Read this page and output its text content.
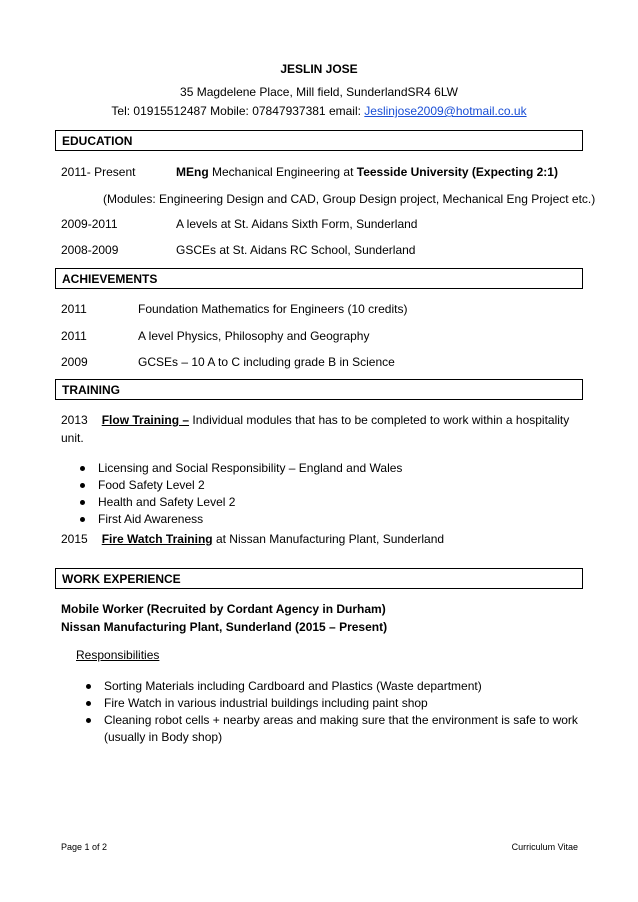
JESLIN JOSE
35 Magdelene Place, Mill field, SunderlandSR4 6LW
Tel: 01915512487 Mobile: 07847937381 email: Jeslinjose2009@hotmail.co.uk
EDUCATION
2011- Present	MEng Mechanical Engineering at Teesside University (Expecting 2:1)
(Modules: Engineering Design and CAD, Group Design project, Mechanical Eng Project etc.)
2009-2011	A levels at St. Aidans Sixth Form, Sunderland
2008-2009	GSCEs at St. Aidans RC School, Sunderland
ACHIEVEMENTS
2011	Foundation Mathematics for Engineers (10 credits)
2011	A level Physics, Philosophy and Geography
2009	GCSEs – 10 A to C including grade B in Science
TRAINING
2013 Flow Training – Individual modules that has to be completed to work within a hospitality
unit.
Licensing and Social Responsibility – England and Wales
Food Safety Level 2
Health and Safety Level 2
First Aid Awareness
2015 Fire Watch Training at Nissan Manufacturing Plant, Sunderland
WORK EXPERIENCE
Mobile Worker (Recruited by Cordant Agency in Durham)
Nissan Manufacturing Plant, Sunderland (2015 – Present)
Responsibilities
Sorting Materials including Cardboard and Plastics (Waste department)
Fire Watch in various industrial buildings including paint shop
Cleaning robot cells + nearby areas and making sure that the environment is safe to work
(usually in Body shop)
Page 1 of 2	Curriculum Vitae
